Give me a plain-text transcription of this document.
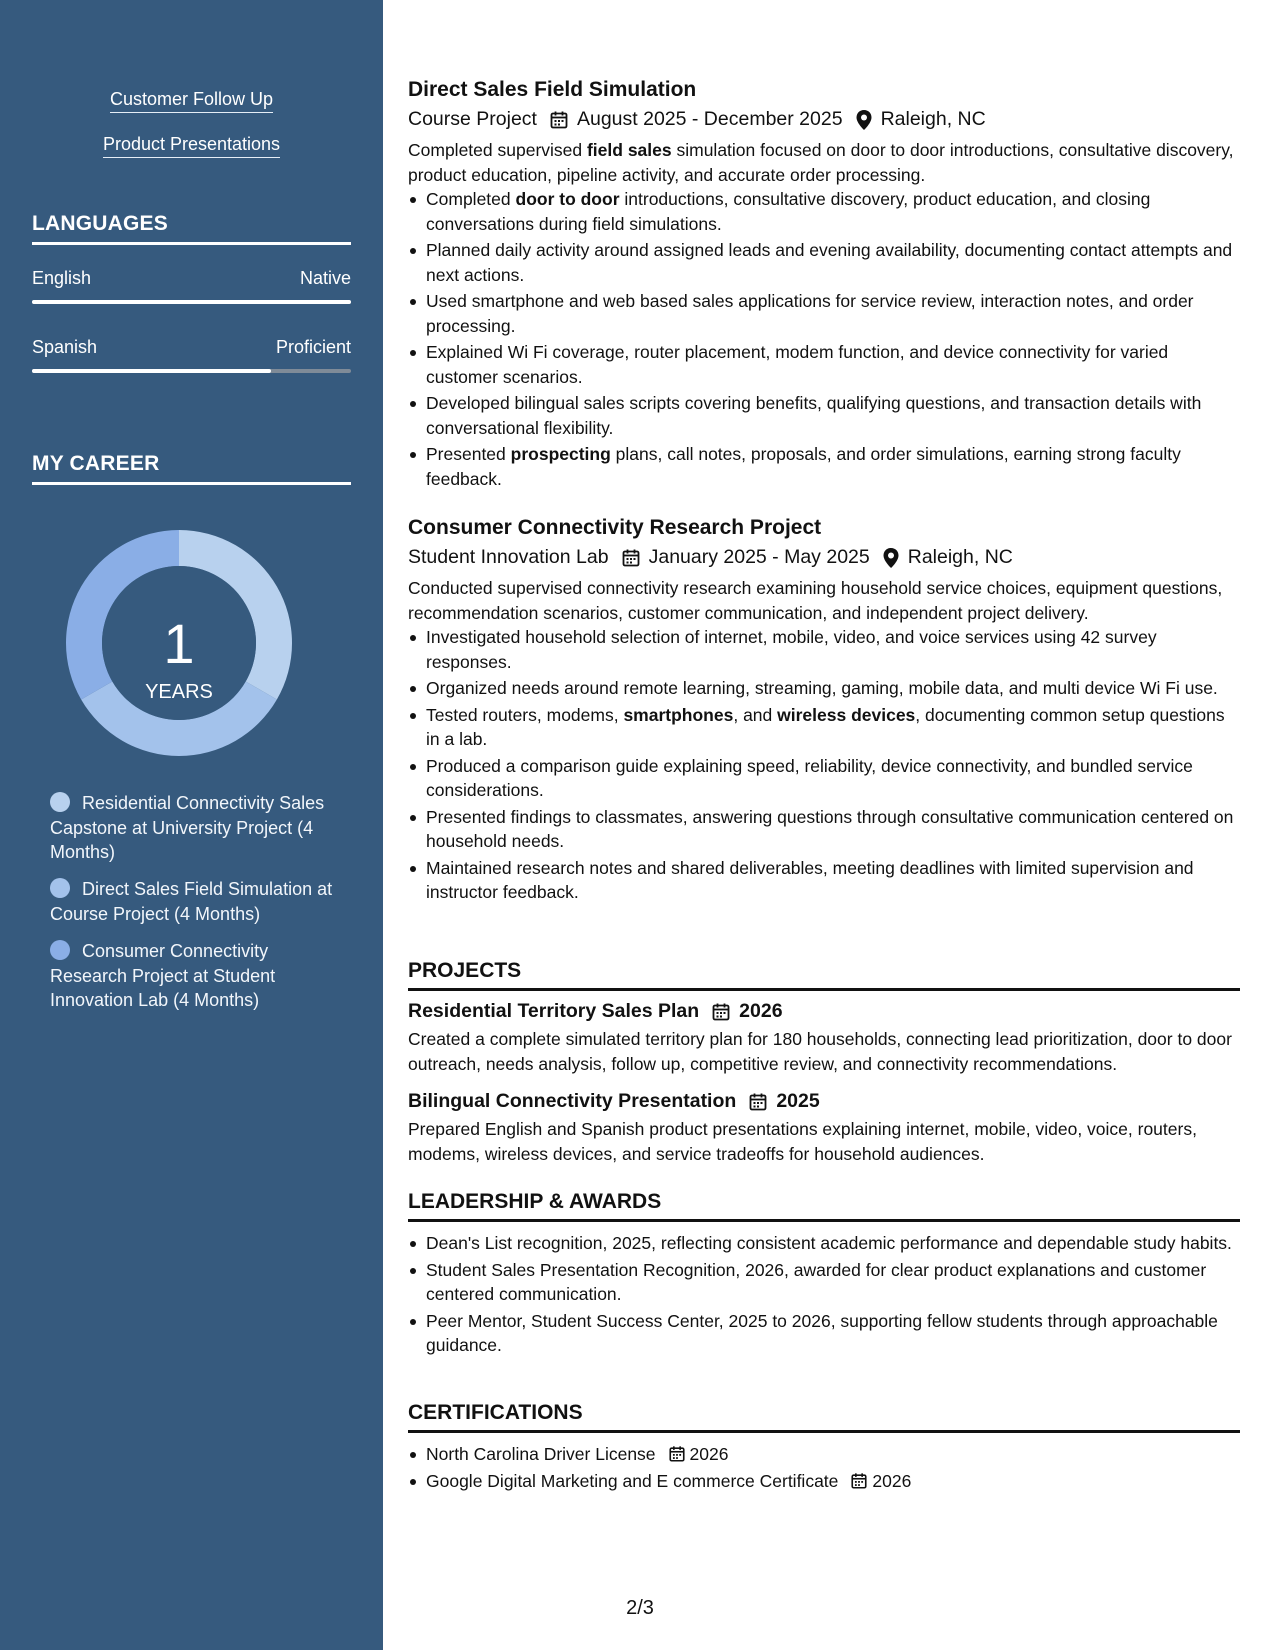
Customer Follow Up
Product Presentations
LANGUAGES
English	Native
Spanish	Proficient
MY CAREER
1
YEARS
Residential Connectivity Sales Capstone at University Project (4 Months)
Direct Sales Field Simulation at Course Project (4 Months)
Consumer Connectivity Research Project at Student Innovation Lab (4 Months)
Direct Sales Field Simulation
Course Project August 2025 - December 2025 Raleigh, NC

Completed supervised field sales simulation focused on door to door introductions, consultative discovery, product education, pipeline activity, and accurate order processing.

Completed door to door introductions, consultative discovery, product education, and closing conversations during field simulations.
Planned daily activity around assigned leads and evening availability, documenting contact attempts and next actions.
Used smartphone and web based sales applications for service review, interaction notes, and order processing.
Explained Wi Fi coverage, router placement, modem function, and device connectivity for varied customer scenarios.
Developed bilingual sales scripts covering benefits, qualifying questions, and transaction details with conversational flexibility.
Presented prospecting plans, call notes, proposals, and order simulations, earning strong faculty feedback.
Consumer Connectivity Research Project
Student Innovation Lab January 2025 - May 2025 Raleigh, NC

Conducted supervised connectivity research examining household service choices, equipment questions, recommendation scenarios, customer communication, and independent project delivery.

Investigated household selection of internet, mobile, video, and voice services using 42 survey responses.
Organized needs around remote learning, streaming, gaming, mobile data, and multi device Wi Fi use.
Tested routers, modems, smartphones, and wireless devices, documenting common setup questions in a lab.
Produced a comparison guide explaining speed, reliability, device connectivity, and bundled service considerations.
Presented findings to classmates, answering questions through consultative communication centered on household needs.
Maintained research notes and shared deliverables, meeting deadlines with limited supervision and instructor feedback.
PROJECTS
Residential Territory Sales Plan 2026

Created a complete simulated territory plan for 180 households, connecting lead prioritization, door to door outreach, needs analysis, follow up, competitive review, and connectivity recommendations.

Bilingual Connectivity Presentation 2025

Prepared English and Spanish product presentations explaining internet, mobile, video, voice, routers, modems, wireless devices, and service tradeoffs for household audiences.

LEADERSHIP & AWARDS
Dean's List recognition, 2025, reflecting consistent academic performance and dependable study habits.
Student Sales Presentation Recognition, 2026, awarded for clear product explanations and customer centered communication.
Peer Mentor, Student Success Center, 2025 to 2026, supporting fellow students through approachable guidance.
CERTIFICATIONS
North Carolina Driver License 2026
Google Digital Marketing and E commerce Certificate 2026
2/3
